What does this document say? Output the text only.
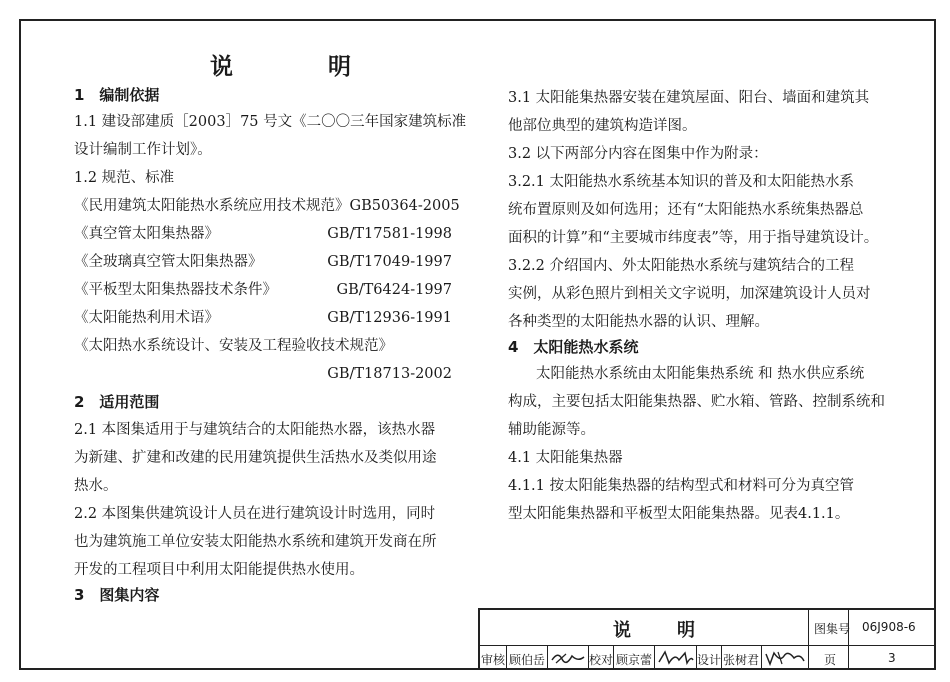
说　明
1　编制依据
1.1 建设部建质［2003］75 号文《二〇〇三年国家建筑标准
设计编制工作计划》。
1.2 规范、标准
《民用建筑太阳能热水系统应用技术规范》GB50364-2005
《真空管太阳集热器》	GB/T17581-1998
《全玻璃真空管太阳集热器》	GB/T17049-1997
《平板型太阳集热器技术条件》	GB/T6424-1997
《太阳能热利用术语》	GB/T12936-1991
《太阳热水系统设计、安装及工程验收技术规范》
GB/T18713-2002
2　适用范围
2.1 本图集适用于与建筑结合的太阳能热水器，该热水器
为新建、扩建和改建的民用建筑提供生活热水及类似用途
热水。
2.2 本图集供建筑设计人员在进行建筑设计时选用，同时
也为建筑施工单位安装太阳能热水系统和建筑开发商在所
开发的工程项目中利用太阳能提供热水使用。
3　图集内容
3.1 太阳能集热器安装在建筑屋面、阳台、墙面和建筑其
他部位典型的建筑构造详图。
3.2 以下两部分内容在图集中作为附录：
3.2.1 太阳能热水系统基本知识的普及和太阳能热水系
统布置原则及如何选用；还有“太阳能热水系统集热器总
面积的计算”和“主要城市纬度表”等，用于指导建筑设计。
3.2.2 介绍国内、外太阳能热水系统与建筑结合的工程
实例，从彩色照片到相关文字说明，加深建筑设计人员对
各种类型的太阳能热水器的认识、理解。
4　太阳能热水系统
太阳能热水系统由太阳能集热系统 和 热水供应系统
构成，主要包括太阳能集热器、贮水箱、管路、控制系统和
辅助能源等。
4.1 太阳能集热器
4.1.1 按太阳能集热器的结构型式和材料可分为真空管
型太阳能集热器和平板型太阳能集热器。见表4.1.1。
说　明	图集号 06J908-6
审核 顾伯岳	校对 顾京蕾	设计 张树君	页	3
